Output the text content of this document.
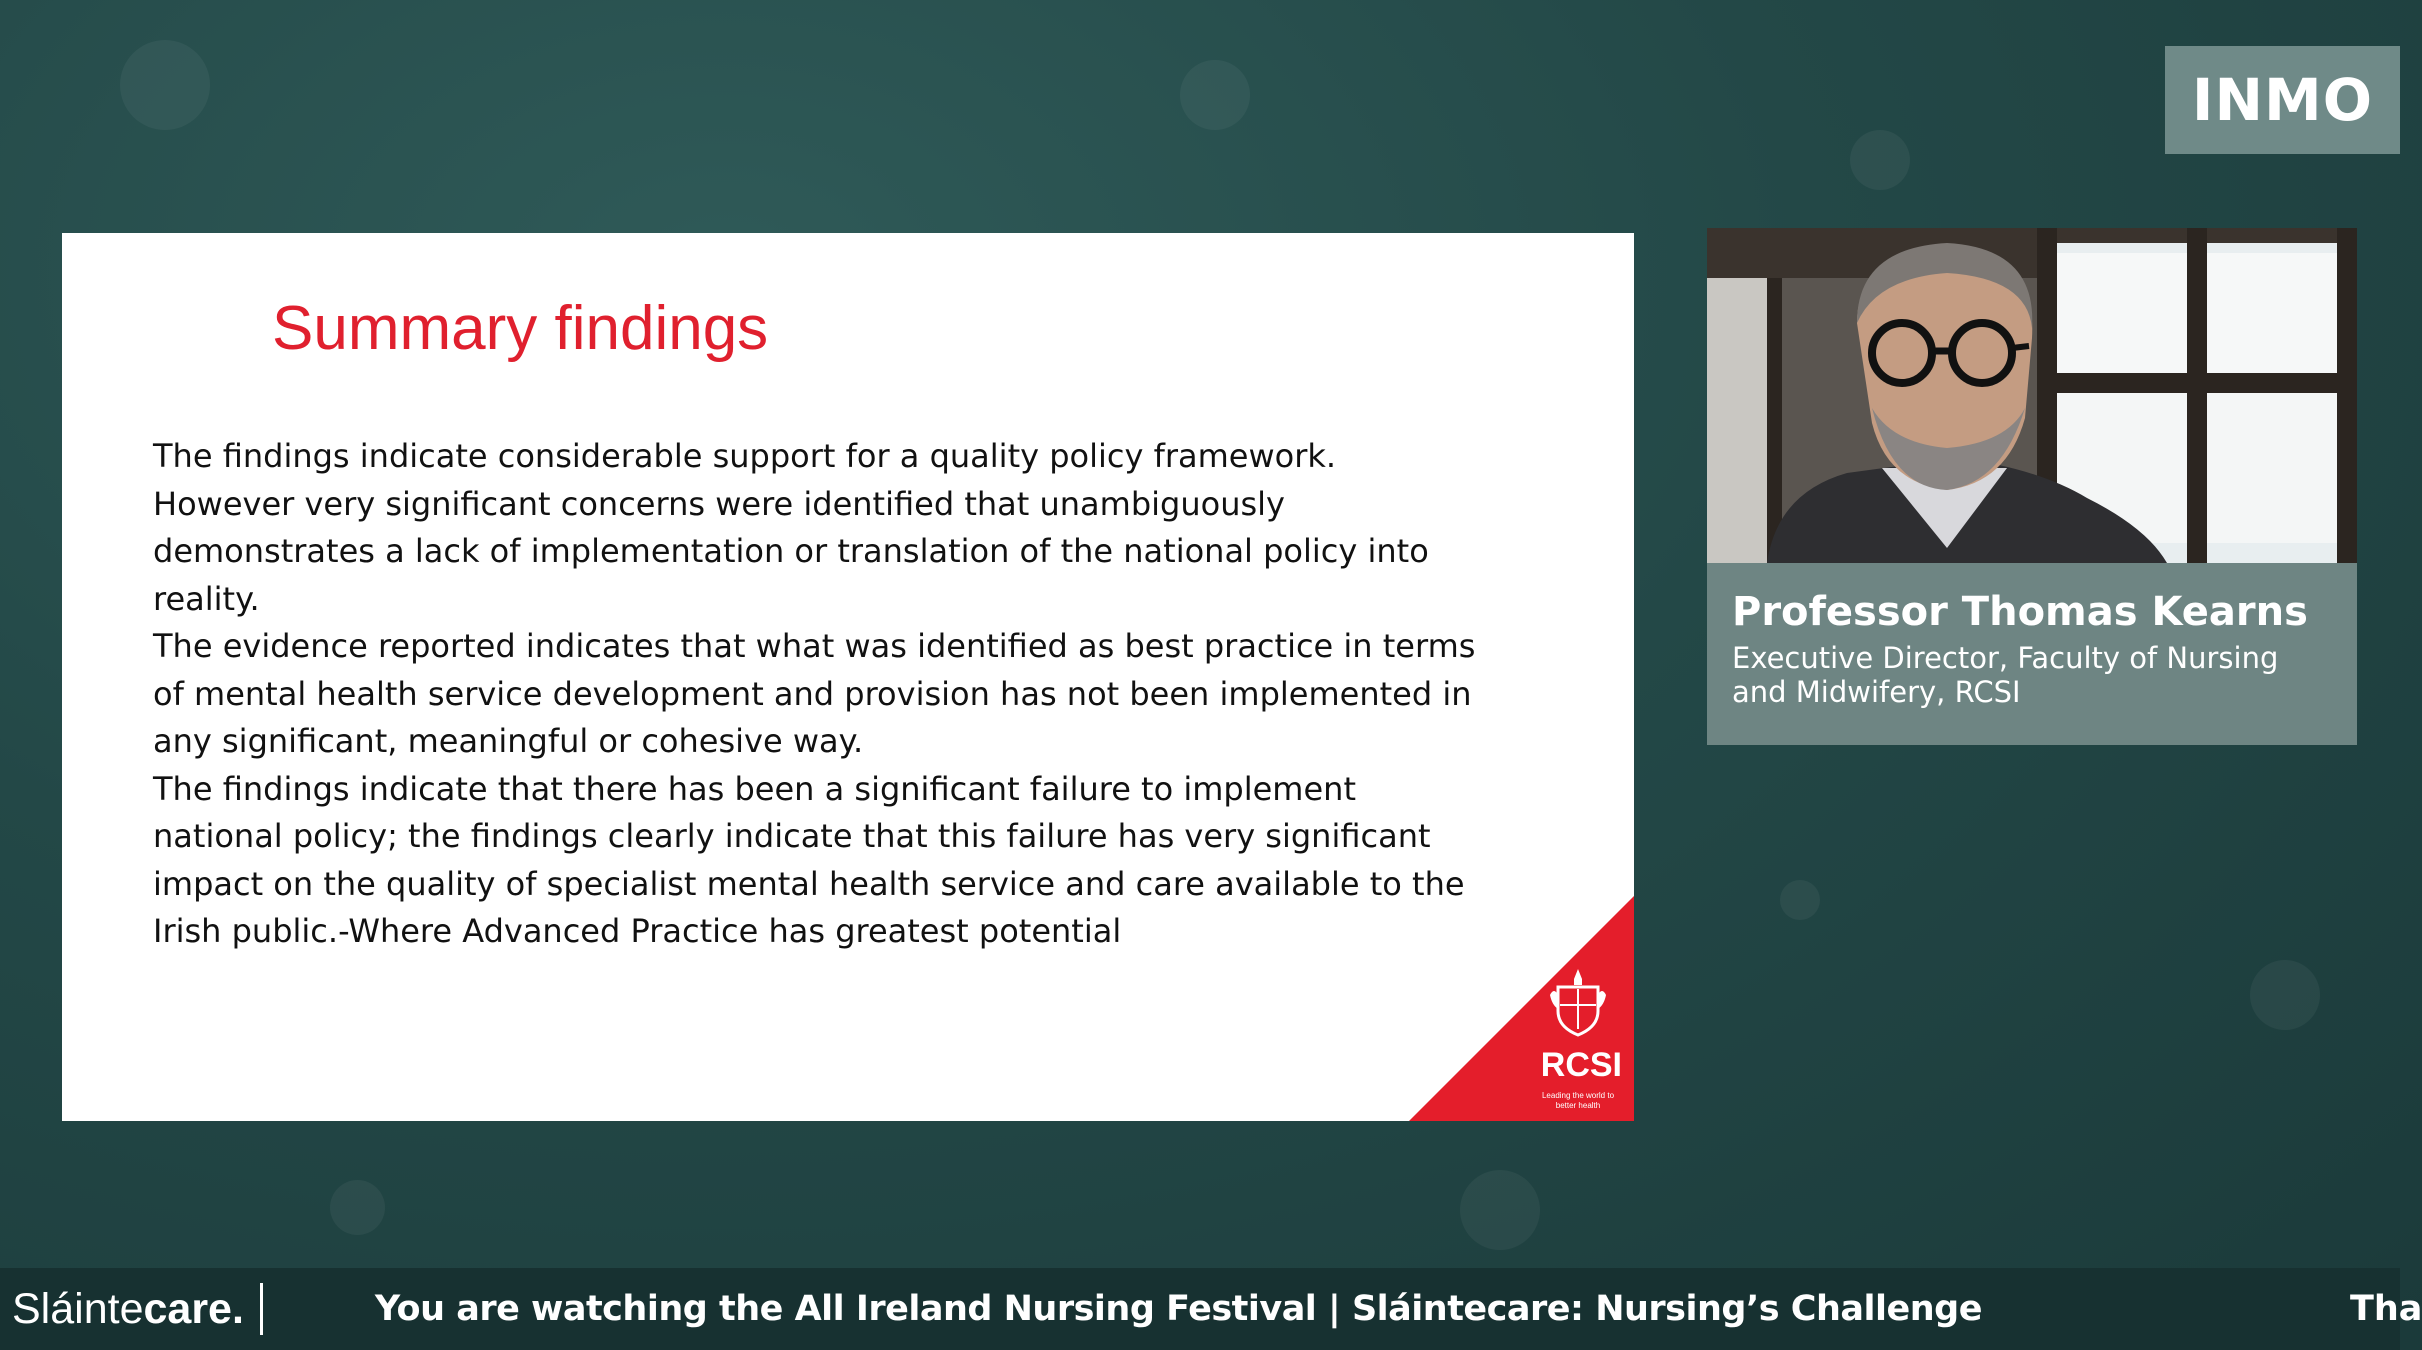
INMO
Summary findings

The findings indicate considerable support for a quality policy framework. However very significant concerns were identified that unambiguously demonstrates a lack of implementation or translation of the national policy into reality.

The evidence reported indicates that what was identified as best practice in terms of mental health service development and provision has not been implemented in any significant, meaningful or cohesive way.

The findings indicate that there has been a significant failure to implement national policy; the findings clearly indicate that this failure has very significant impact on the quality of specialist mental health service and care available to the Irish public.-Where Advanced Practice has greatest potential

RCSI
Leading the world to better health
Professor Thomas Kearns
Executive Director, Faculty of Nursing and Midwifery, RCSI
Sláintecare.	You are watching the All Ireland Nursing Festival | Sláintecare: Nursing’s Challenge	Tha
